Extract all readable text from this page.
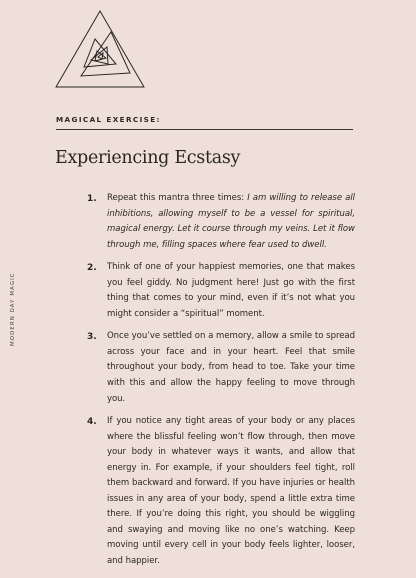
MAGICAL EXERCISE:

Experiencing Ecstasy
MODERN DAY MAGIC
1. Repeat this mantra three times: I am willing to release all inhibitions, allowing myself to be a vessel for spiritual, magical energy. Let it course through my veins. Let it flow through me, filling spaces where fear used to dwell.
2. Think of one of your happiest memories, one that makes you feel giddy. No judgment here! Just go with the first thing that comes to your mind, even if it’s not what you might consider a “spiritual” moment.
3. Once you’ve settled on a memory, allow a smile to spread across your face and in your heart. Feel that smile throughout your body, from head to toe. Take your time with this and allow the happy feeling to move through you.
4. If you notice any tight areas of your body or any places where the blissful feeling won’t flow through, then move your body in whatever ways it wants, and allow that energy in. For example, if your shoulders feel tight, roll them backward and forward. If you have injuries or health issues in any area of your body, spend a little extra time there. If you’re doing this right, you should be wiggling and swaying and moving like no one’s watching. Keep moving until every cell in your body feels lighter, looser, and happier.
